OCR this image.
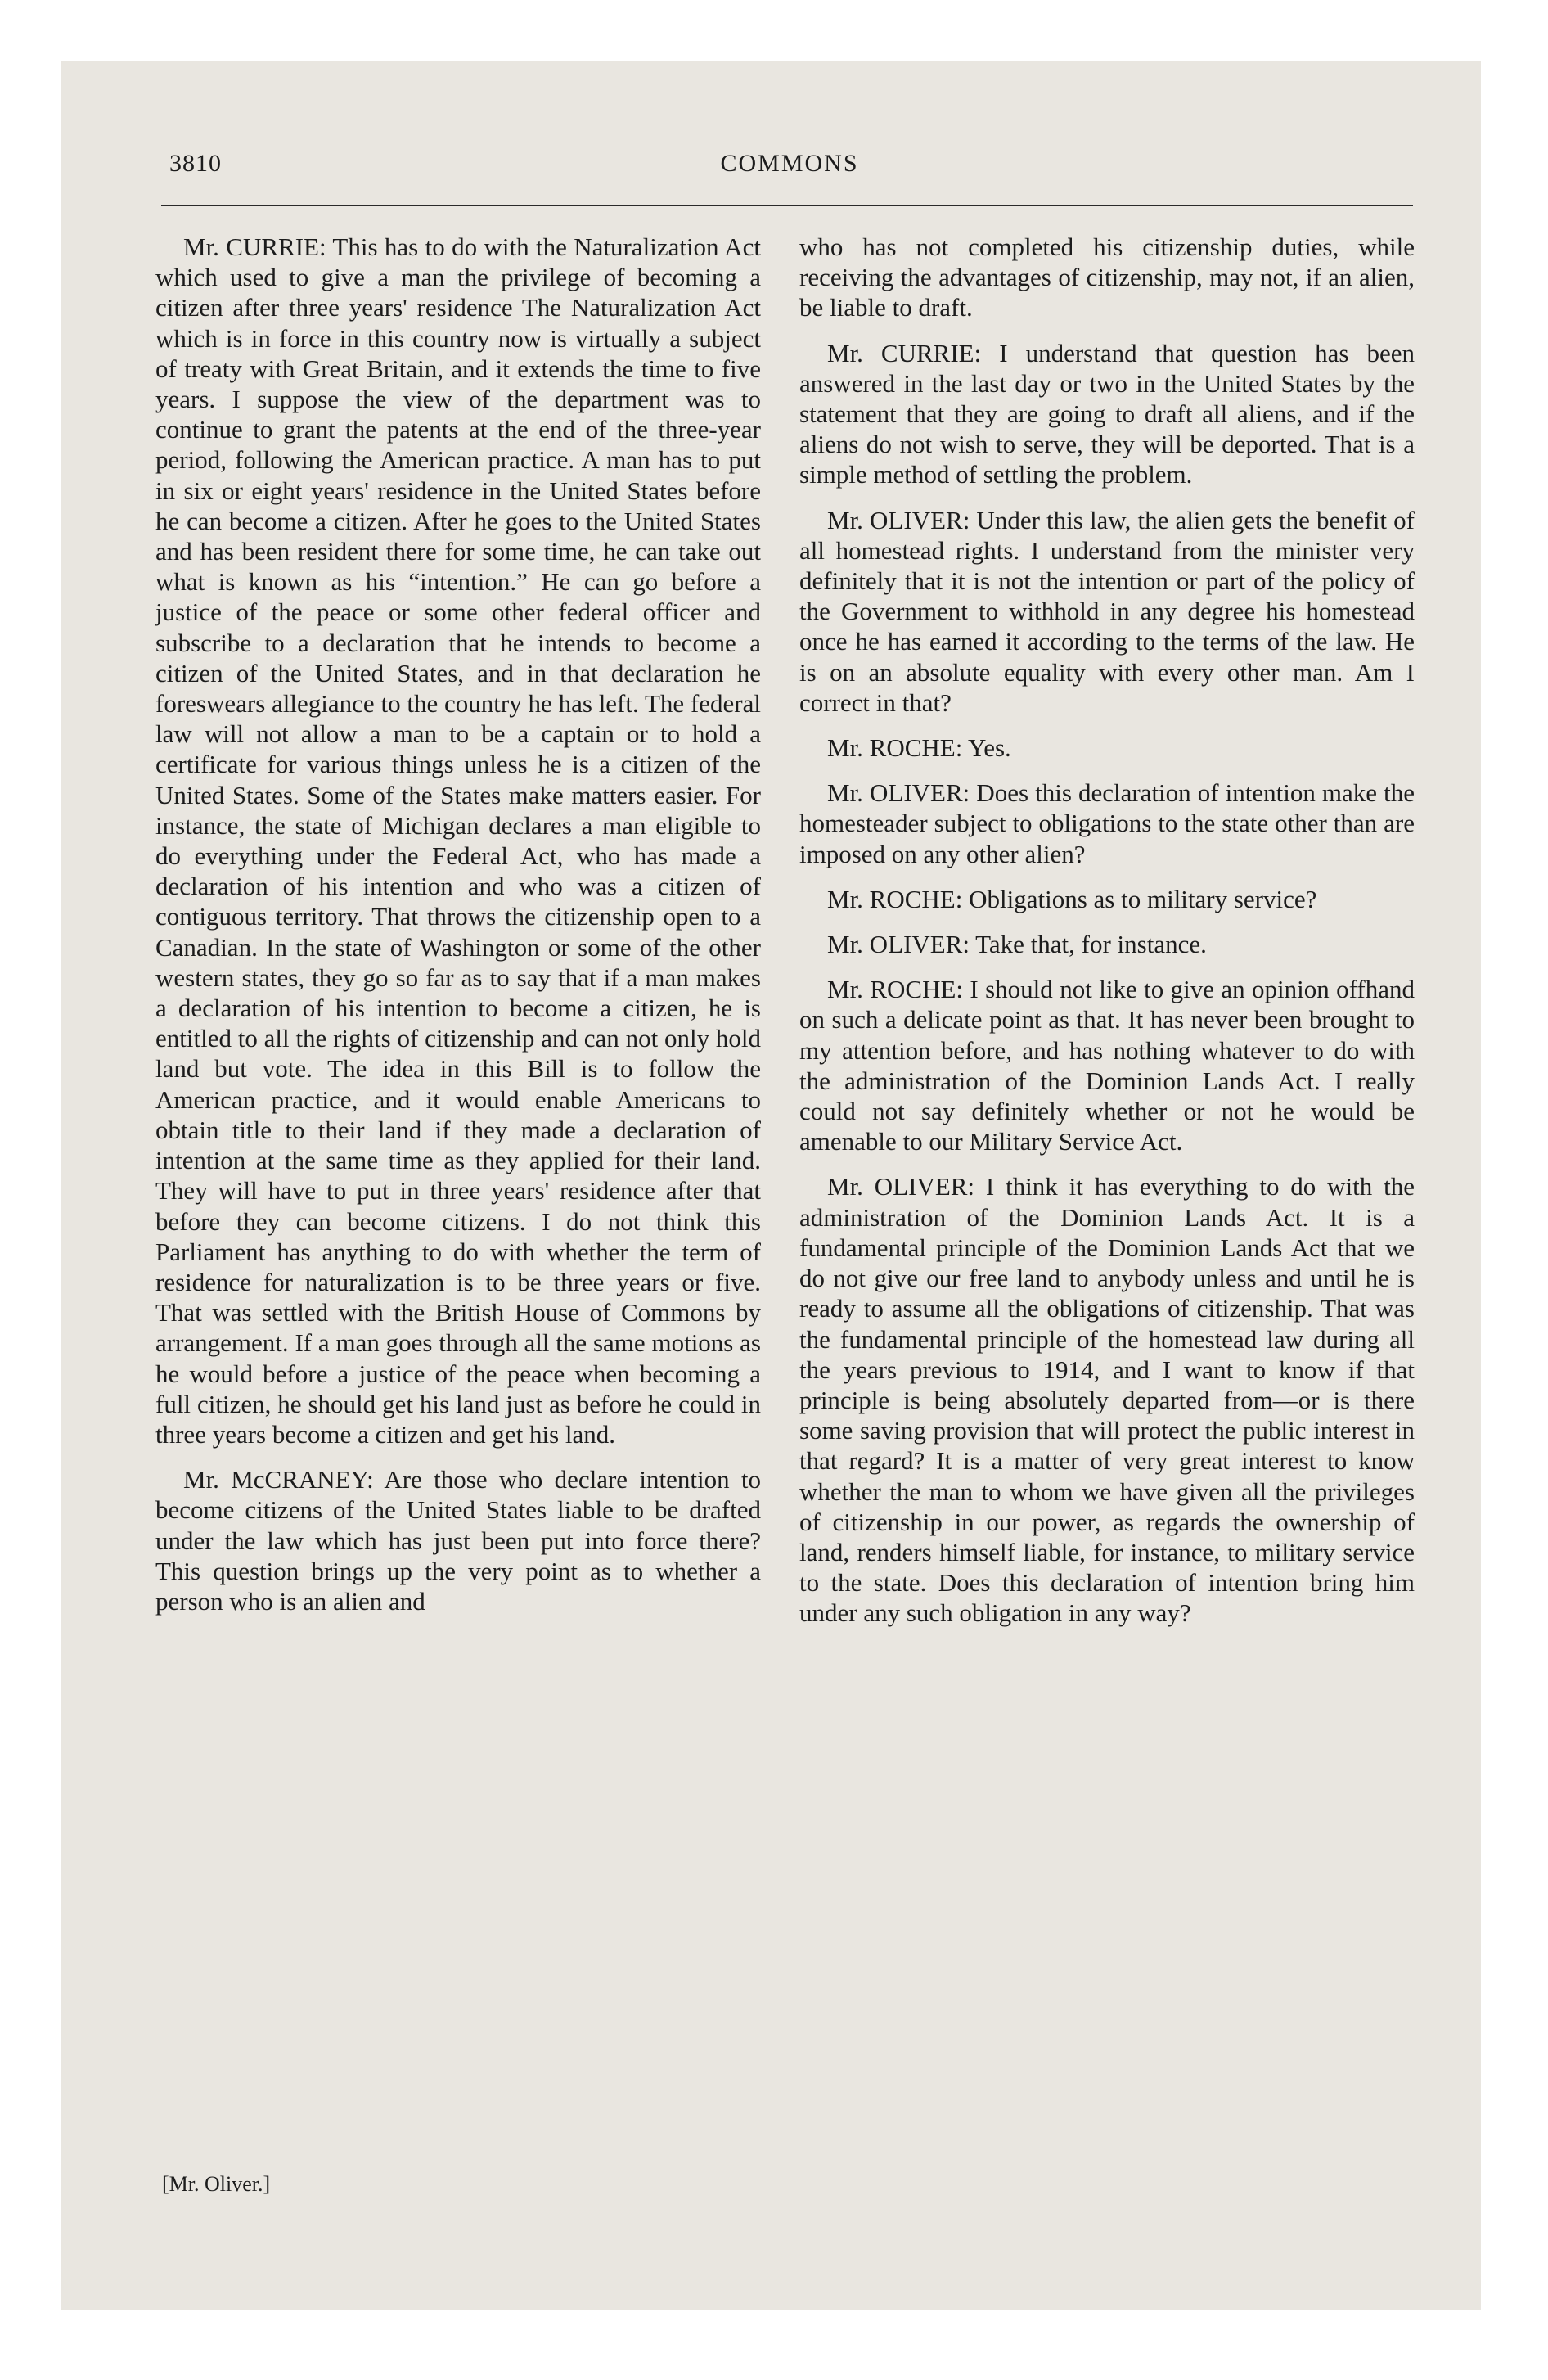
3810	COMMONS

Mr. CURRIE: This has to do with the Naturalization Act which used to give a man the privilege of becoming a citizen after three years' residence The Naturalization Act which is in force in this country now is virtually a subject of treaty with Great Britain, and it extends the time to five years. I suppose the view of the department was to continue to grant the patents at the end of the three-year period, following the American practice. A man has to put in six or eight years' residence in the United States before he can become a citizen. After he goes to the United States and has been resident there for some time, he can take out what is known as his “intention.” He can go before a justice of the peace or some other federal officer and subscribe to a declaration that he intends to become a citizen of the United States, and in that declaration he foreswears allegiance to the country he has left. The federal law will not allow a man to be a captain or to hold a certificate for various things unless he is a citizen of the United States. Some of the States make matters easier. For instance, the state of Michigan declares a man eligible to do everything under the Federal Act, who has made a declaration of his intention and who was a citizen of contiguous territory. That throws the citizenship open to a Canadian. In the state of Washington or some of the other western states, they go so far as to say that if a man makes a declaration of his intention to become a citizen, he is entitled to all the rights of citizenship and can not only hold land but vote. The idea in this Bill is to follow the American practice, and it would enable Americans to obtain title to their land if they made a declaration of intention at the same time as they applied for their land. They will have to put in three years' residence after that before they can become citizens. I do not think this Parliament has anything to do with whether the term of residence for naturalization is to be three years or five. That was settled with the British House of Commons by arrangement. If a man goes through all the same motions as he would before a justice of the peace when becoming a full citizen, he should get his land just as before he could in three years become a citizen and get his land.

Mr. McCRANEY: Are those who declare intention to become citizens of the United States liable to be drafted under the law which has just been put into force there? This question brings up the very point as to whether a person who is an alien and

who has not completed his citizenship duties, while receiving the advantages of citizenship, may not, if an alien, be liable to draft.

Mr. CURRIE: I understand that question has been answered in the last day or two in the United States by the statement that they are going to draft all aliens, and if the aliens do not wish to serve, they will be deported. That is a simple method of settling the problem.

Mr. OLIVER: Under this law, the alien gets the benefit of all homestead rights. I understand from the minister very definitely that it is not the intention or part of the policy of the Government to withhold in any degree his homestead once he has earned it according to the terms of the law. He is on an absolute equality with every other man. Am I correct in that?

Mr. ROCHE: Yes.

Mr. OLIVER: Does this declaration of intention make the homesteader subject to obligations to the state other than are imposed on any other alien?

Mr. ROCHE: Obligations as to military service?

Mr. OLIVER: Take that, for instance.

Mr. ROCHE: I should not like to give an opinion offhand on such a delicate point as that. It has never been brought to my attention before, and has nothing whatever to do with the administration of the Dominion Lands Act. I really could not say definitely whether or not he would be amenable to our Military Service Act.

Mr. OLIVER: I think it has everything to do with the administration of the Dominion Lands Act. It is a fundamental principle of the Dominion Lands Act that we do not give our free land to anybody unless and until he is ready to assume all the obligations of citizenship. That was the fundamental principle of the homestead law during all the years previous to 1914, and I want to know if that principle is being absolutely departed from—or is there some saving provision that will protect the public interest in that regard? It is a matter of very great interest to know whether the man to whom we have given all the privileges of citizenship in our power, as regards the ownership of land, renders himself liable, for instance, to military service to the state. Does this declaration of intention bring him under any such obligation in any way?

[Mr. Oliver.]
